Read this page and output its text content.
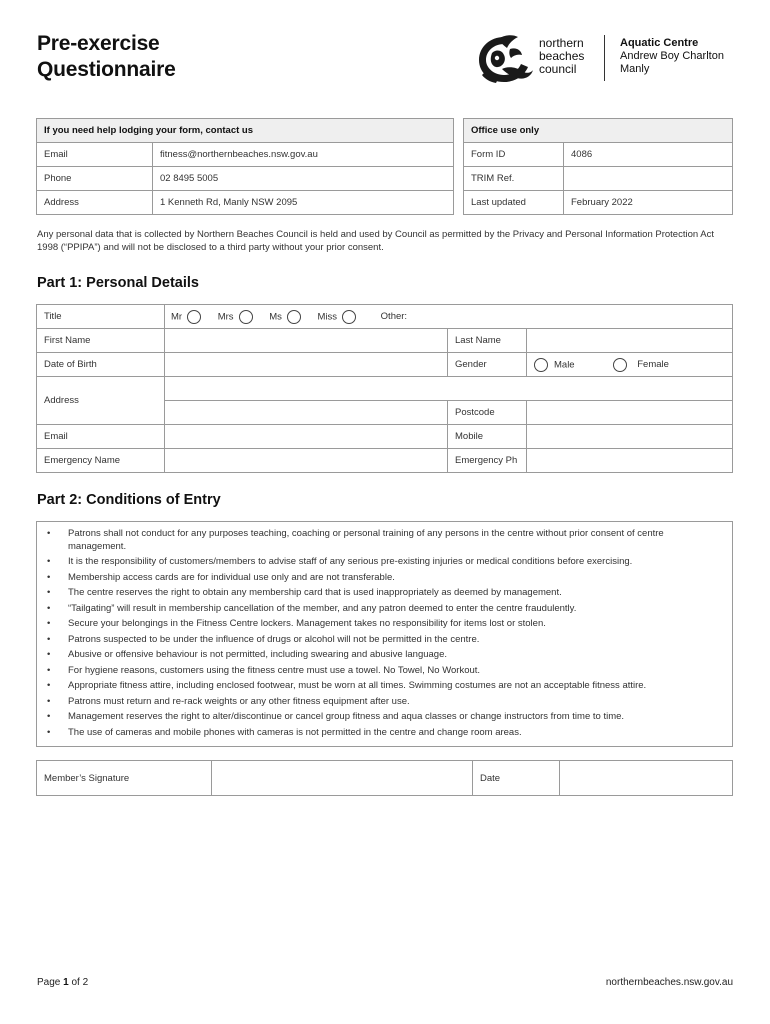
Pre-exercise
Questionnaire
northern
beaches
council
Aquatic Centre
Andrew Boy Charlton
Manly
If you need help lodging your form, contact us	
Email	fitness@northernbeaches.nsw.gov.au
Phone	02 8495 5005
Address	1 Kenneth Rd, Manly NSW 2095
Office use only	
Form ID	4086
TRIM Ref.	
Last updated	February 2022
Any personal data that is collected by Northern Beaches Council is held and used by Council as permitted by the Privacy and Personal Information Protection Act 1998 (“PPIPA”) and will not be disclosed to a third party without your prior consent.
Part 1: Personal Details
Title	Mr Mrs Ms Miss Other:		
First Name		Last Name	
Date of Birth		Gender	Male Female
Address			
		Postcode	
Email		Mobile	
Emergency Name		Emergency Ph	
Part 2: Conditions of Entry
• Patrons shall not conduct for any purposes teaching, coaching or personal training of any persons in the centre without prior consent of centre management.
• It is the responsibility of customers/members to advise staff of any serious pre-existing injuries or medical conditions before exercising.
• Membership access cards are for individual use only and are not transferable.
• The centre reserves the right to obtain any membership card that is used inappropriately as deemed by management.
• “Tailgating” will result in membership cancellation of the member, and any patron deemed to enter the centre fraudulently.
• Secure your belongings in the Fitness Centre lockers. Management takes no responsibility for items lost or stolen.
• Patrons suspected to be under the influence of drugs or alcohol will not be permitted in the centre.
• Abusive or offensive behaviour is not permitted, including swearing and abusive language.
• For hygiene reasons, customers using the fitness centre must use a towel. No Towel, No Workout.
• Appropriate fitness attire, including enclosed footwear, must be worn at all times. Swimming costumes are not an acceptable fitness attire.
• Patrons must return and re-rack weights or any other fitness equipment after use.
• Management reserves the right to alter/discontinue or cancel group fitness and aqua classes or change instructors from time to time.
• The use of cameras and mobile phones with cameras is not permitted in the centre and change room areas.
Member’s Signature		Date	
Page 1 of 2	northernbeaches.nsw.gov.au
